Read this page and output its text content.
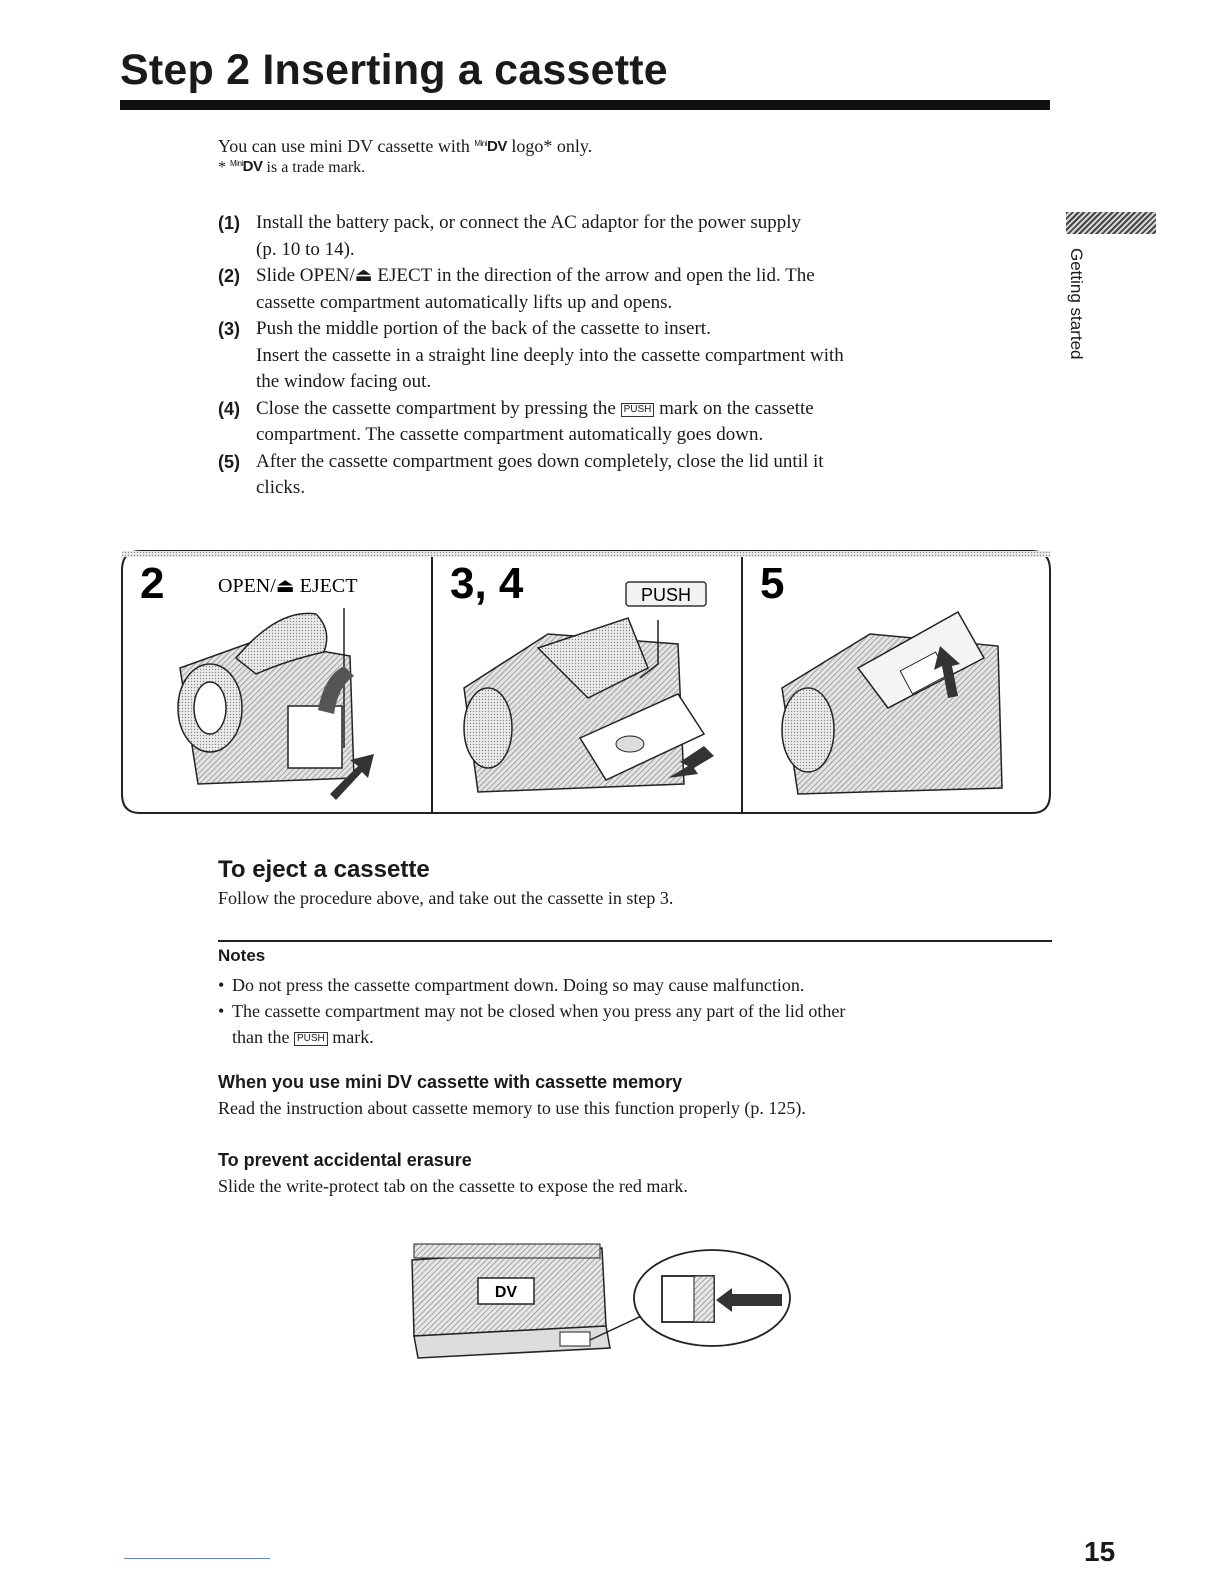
Step 2 Inserting a cassette
You can use mini DV cassette with $^{Mini}$DV logo* only.
* $^{Mini}$DV is a trade mark.
(1) Install the battery pack, or connect the AC adaptor for the power supply
(p. 10 to 14).
(2) Slide OPEN/⏏ EJECT in the direction of the arrow and open the lid. The
cassette compartment automatically lifts up and opens.
(3) Push the middle portion of the back of the cassette to insert.
Insert the cassette in a straight line deeply into the cassette compartment with
the window facing out.
(4) Close the cassette compartment by pressing the PUSH mark on the cassette
compartment. The cassette compartment automatically goes down.
(5) After the cassette compartment goes down completely, close the lid until it
clicks.
Getting started
2	OPEN/⏏ EJECT 3, 4	PUSH 5
To eject a cassette
Follow the procedure above, and take out the cassette in step 3.
Notes
• Do not press the cassette compartment down. Doing so may cause malfunction.
• The cassette compartment may not be closed when you press any part of the lid other
than the PUSH mark.
When you use mini DV cassette with cassette memory
Read the instruction about cassette memory to use this function properly (p. 125).
To prevent accidental erasure
Slide the write-protect tab on the cassette to expose the red mark.
DV
15
